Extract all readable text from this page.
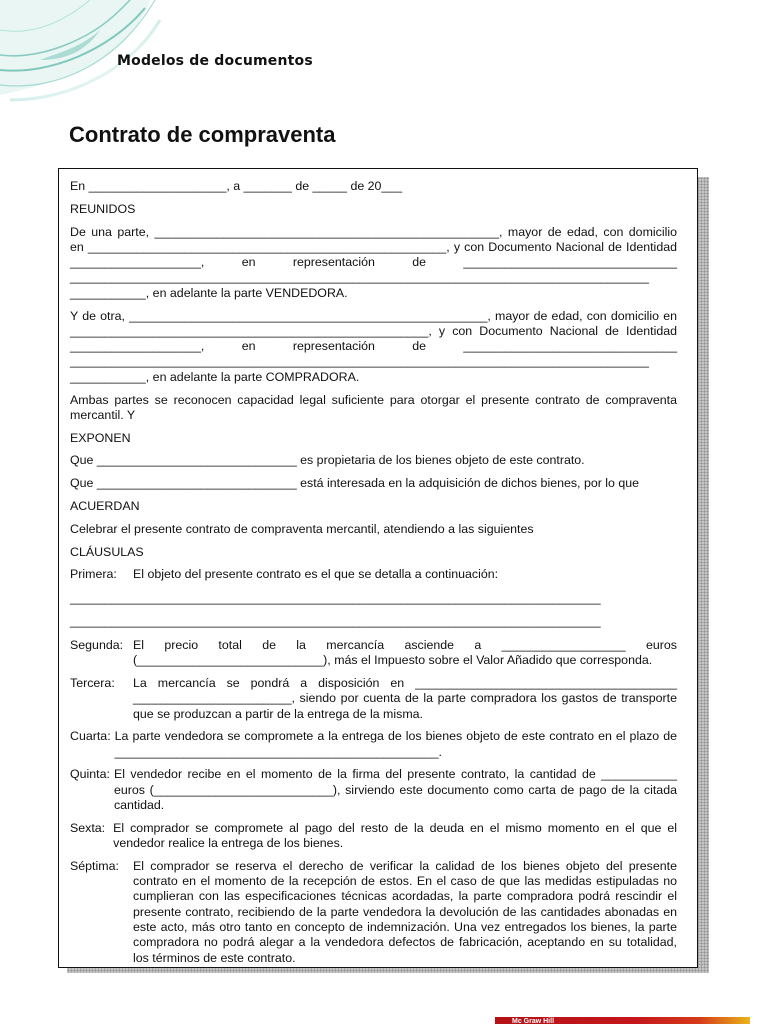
Modelos de documentos
Contrato de compraventa

En ____________________, a _______ de _____ de 20___

REUNIDOS

De una parte, __________________________________________________, mayor de edad, con domicilio en ____________________________________________________, y con Documento Nacional de Identidad ___________________, en representación de _______________________________ ____________________________________________________________________________________ ___________, en adelante la parte VENDEDORA.

Y de otra, ____________________________________________________, mayor de edad, con domicilio en ____________________________________________________, y con Documento Nacional de Identidad ___________________, en representación de _______________________________ ____________________________________________________________________________________ ___________, en adelante la parte COMPRADORA.

Ambas partes se reconocen capacidad legal suficiente para otorgar el presente contrato de compraventa mercantil. Y

EXPONEN

Que _____________________________ es propietaria de los bienes objeto de este contrato.

Que _____________________________ está interesada en la adquisición de dichos bienes, por lo que

ACUERDAN

Celebrar el presente contrato de compraventa mercantil, atendiendo a las siguientes

CLÁUSULAS
Primera:	El objeto del presente contrato es el que se detalla a continuación:

_____________________________________________________________________________

_____________________________________________________________________________

Segunda: El precio total de la mercancía asciende a __________________ euros (___________________________), más el Impuesto sobre el Valor Añadido que corresponda.
Tercera:	La mercancía se pondrá a disposición en ______________________________________ _______________________, siendo por cuenta de la parte compradora los gastos de transporte que se produzcan a partir de la entrega de la misma.
Cuarta: La parte vendedora se compromete a la entrega de los bienes objeto de este contrato en el plazo de _______________________________________________.
Quinta: El vendedor recibe en el momento de la firma del presente contrato, la cantidad de ___________ euros (__________________________), sirviendo este documento como carta de pago de la citada cantidad.
Sexta: El comprador se compromete al pago del resto de la deuda en el mismo momento en el que el vendedor realice la entrega de los bienes.
Séptima:	El comprador se reserva el derecho de verificar la calidad de los bienes objeto del presente contrato en el momento de la recepción de estos. En el caso de que las medidas estipuladas no cumplieran con las especificaciones técnicas acordadas, la parte compradora podrá rescindir el presente contrato, recibiendo de la parte vendedora la devolución de las cantidades abonadas en este acto, más otro tanto en concepto de indemnización. Una vez entregados los bienes, la parte compradora no podrá alegar a la vendedora defectos de fabricación, aceptando en su totalidad, los términos de este contrato.
Mc Graw Hill
